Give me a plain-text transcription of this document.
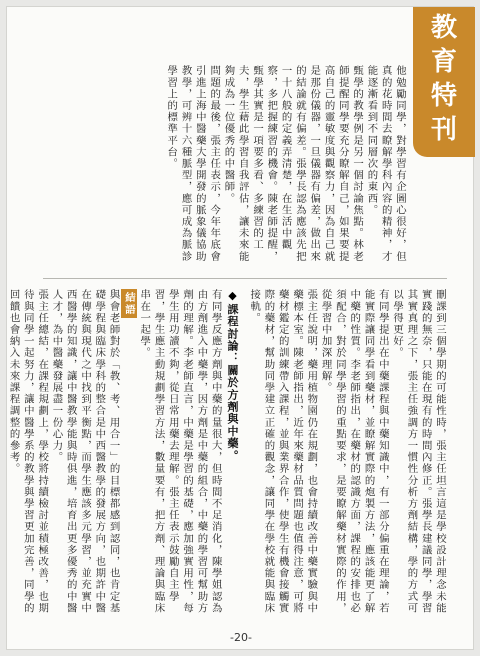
教
育
特
刊

他勉勵同學，對學習有企圖心很好，但真的花時間去瞭解學科內容的精神，才能逐漸看到不同層次的東西。

甄學的教學例是另一個討論焦點。林老師提醒同學要充分瞭解自己，如果要提高自己的靈敏度與觀察力，因為自己就是那份儀器，一旦儀器有偏差，做出來的結論就有偏差。張學長認為應該先把一十八般的定義弄清楚，在生活中觀察，多把握練習的機會。陳老師提醒，甄學其實是一項要多看、多練習的工夫，學生藉此學習自我評估，讓未來能夠成為一位優秀的中醫師。

問題的最後，張主任表示，今年年底會引進上海中醫藥大學開發的脈象儀協助教學，可辨十六種脈型，應可成為脈診學習上的標準平台。

刪課到三個學期的可能性時，張主任坦言這是學校設計理念未能實踐的無奈，只能在現有的時間內修正。張學長建議同學，學習其實真理之下，張主任強調方一慣性分析方劑結構，學的方式可以學得更好。

有同學提出在中藥課程與中藥知識中，有一部分偏重在理論，若能實際讓同學看到藥材，並瞭解實際的炮製方法，應該能更了解中藥的性質。李老師指出，在藥材的認識方面，課程的安排也必須配合，對於同學學習的重點要求，是要瞭解藥材實際的作用，從學習中加深理解。

張主任說明，藥用植物園仍在規劃，也會持續改善中藥實驗與中藥標本室。陳老師指出，近年來藥材品質問題也值得注意，可將藥材鑑定的訓練帶入課程，並與業界合作，使學生有機會接觸實際的藥材，幫助同學建立正確的觀念，讓同學在學校就能與臨床接軌。

◆課程討論：關於方劑與中藥。

有同學反應方劑與中藥的量很大，但時間不足消化，陳學姐認為由方劑進入中藥學，因方劑是中藥的組合，中藥的學習可幫助方劑的理解。李老師直言，中藥是學習的基礎，應加強實用性，每學生用功讀不夠，從日常用藥去理解。張主任表示鼓勵自主學習，學生應主動規劃學習方法，數量要有，把方劑、理論與臨床串在一起學。

結語

與會老師對於「教、考、用合一」的目標都感到認同，也肯定基礎學程與臨床學科的整合是中西醫教學的發展方向，也期許中醫在傳統與現代之中找到平衡點，而學生應該多元學習，並充實中西醫學的知識，讓中醫教學能與時俱進，培育出更多優秀的中醫人才，為中醫藥發展盡一份心力。

張主任總結，在課程規劃上，學校將持續檢討並積極改善，也期待與同學一起努力，讓中醫學系的教學與學習更加完善，同學的回饋也會納入未來課程調整的參考。

-20-
